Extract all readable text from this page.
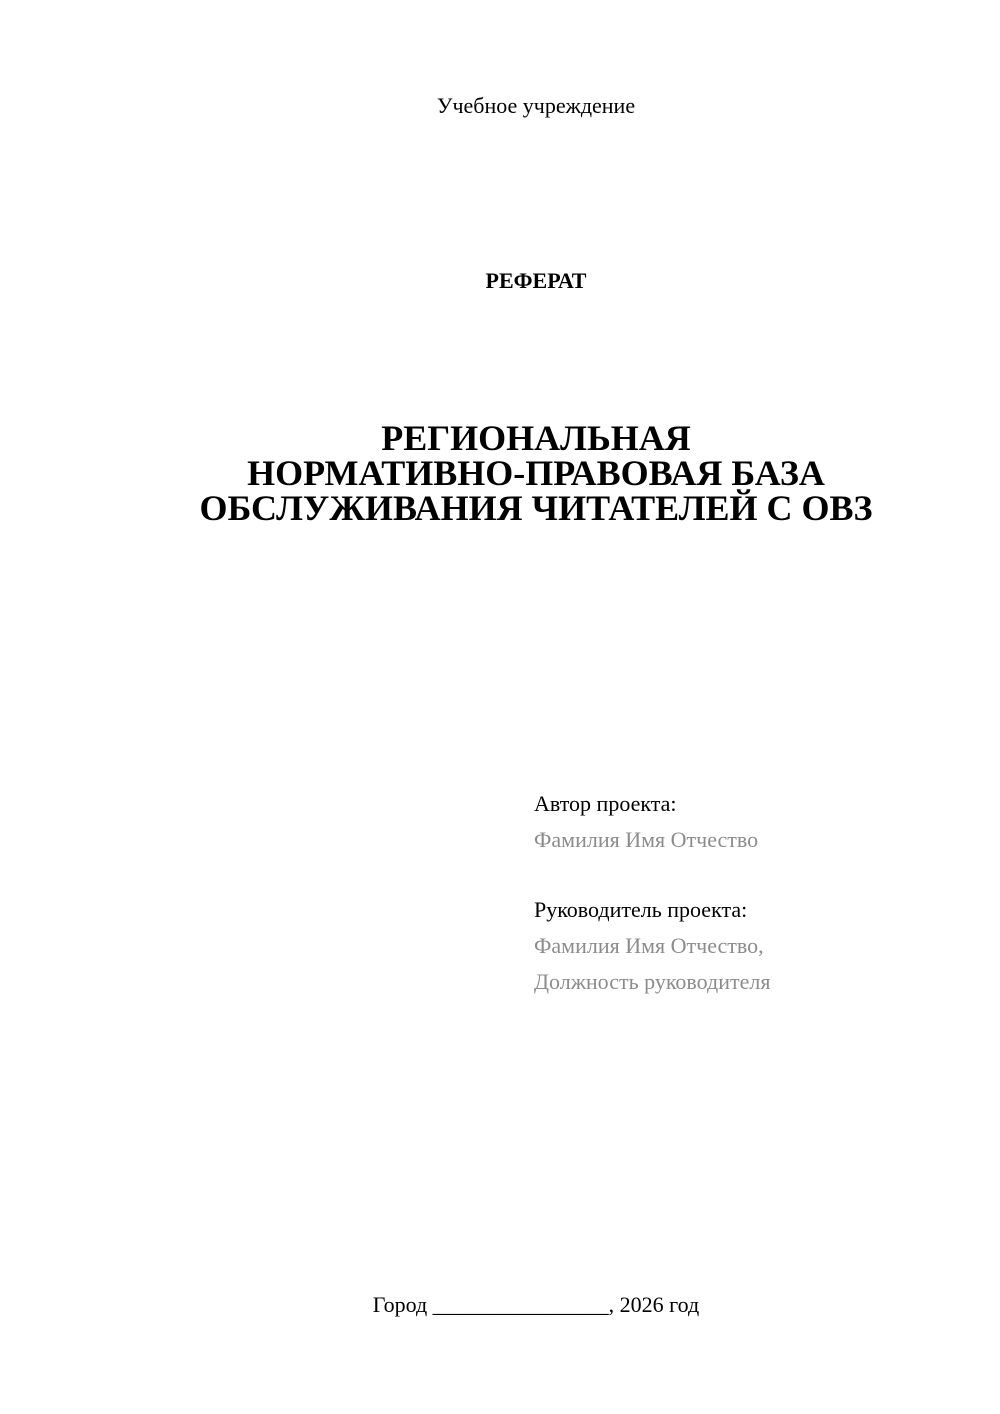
Учебное учреждение
РЕФЕРАТ
РЕГИОНАЛЬНАЯ
НОРМАТИВНО-ПРАВОВАЯ БАЗА
ОБСЛУЖИВАНИЯ ЧИТАТЕЛЕЙ С ОВЗ
Автор проекта:
Фамилия Имя Отчество
Руководитель проекта:
Фамилия Имя Отчество,
Должность руководителя
Город ________________, 2026 год
